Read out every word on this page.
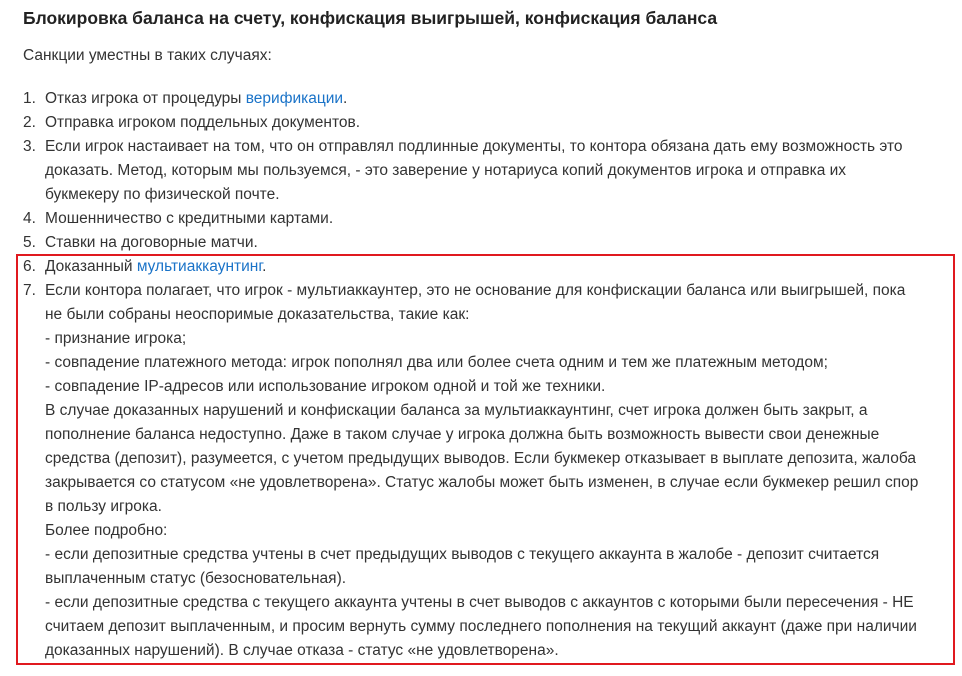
Блокировка баланса на счету, конфискация выигрышей, конфискация баланса

Санкции уместны в таких случаях:

1. Отказ игрока от процедуры верификации.
2. Отправка игроком поддельных документов.
3. Если игрок настаивает на том, что он отправлял подлинные документы, то контора обязана дать ему возможность это
доказать. Метод, которым мы пользуемся, - это заверение у нотариуса копий документов игрока и отправка их
букмекеру по физической почте.
4. Мошенничество с кредитными картами.
5. Ставки на договорные матчи.
6. Доказанный мультиаккаунтинг.
7. Если контора полагает, что игрок - мультиаккаунтер, это не основание для конфискации баланса или выигрышей, пока
не были собраны неоспоримые доказательства, такие как:
- признание игрока;
- совпадение платежного метода: игрок пополнял два или более счета одним и тем же платежным методом;
- совпадение IP-адресов или использование игроком одной и той же техники.
В случае доказанных нарушений и конфискации баланса за мультиаккаунтинг, счет игрока должен быть закрыт, а
пополнение баланса недоступно. Даже в таком случае у игрока должна быть возможность вывести свои денежные
средства (депозит), разумеется, с учетом предыдущих выводов. Если букмекер отказывает в выплате депозита, жалоба
закрывается со статусом «не удовлетворена». Статус жалобы может быть изменен, в случае если букмекер решил спор
в пользу игрока.
Более подробно:
- если депозитные средства учтены в счет предыдущих выводов с текущего аккаунта в жалобе - депозит считается
выплаченным статус (безосновательная).
- если депозитные средства с текущего аккаунта учтены в счет выводов с аккаунтов с которыми были пересечения - НЕ
считаем депозит выплаченным, и просим вернуть сумму последнего пополнения на текущий аккаунт (даже при наличии
доказанных нарушений). В случае отказа - статус «не удовлетворена».
